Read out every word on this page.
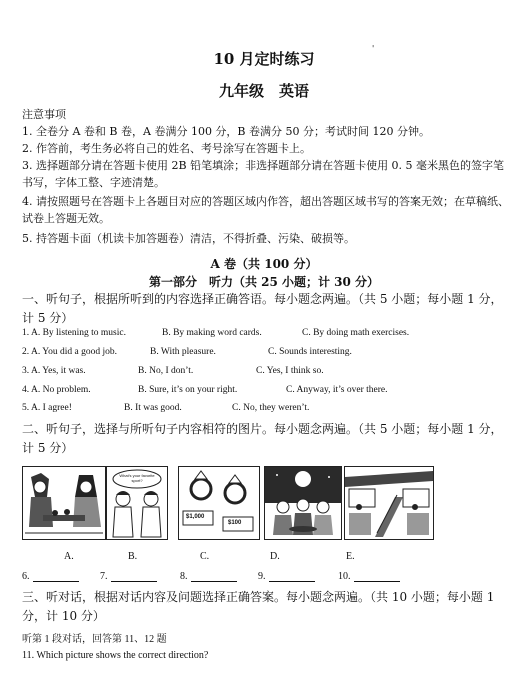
10 月定时练习
'
九年级　英语
注意事项
1. 全卷分 A 卷和 B 卷，A 卷满分 100 分，B 卷满分 50 分；考试时间 120 分钟。
2. 作答前，考生务必将自己的姓名、考号涂写在答题卡上。
3. 选择题部分请在答题卡使用 2B 铅笔填涂；非选择题部分请在答题卡使用 0. 5 毫米黑色的签字笔书写，字体工整、字迹清楚。
4. 请按照题号在答题卡上各题目对应的答题区域内作答，超出答题区域书写的答案无效；在草稿纸、试卷上答题无效。
5. 持答题卡面（机读卡加答题卷）清洁，不得折叠、污染、破损等。
A 卷（共 100 分）
第一部分　听力（共 25 小题；计 30 分）
一、听句子，根据所听到的内容选择正确答语。每小题念两遍。（共 5 小题；每小题 1 分，计 5 分）
1. A. By listening to music.	B. By making word cards.	C. By doing math exercises.
2. A. You did a good job.	B. With pleasure.	C. Sounds interesting.
3. A. Yes, it was.	B. No, I don’t.	C. Yes, I think so.
4. A. No problem.	B. Sure, it’s on your right.	C. Anyway, it’s over there.
5. A. I agree!	B. It was good.	C. No, they weren’t.
二、听句子，选择与所听句子内容相符的图片。每小题念两遍。（共 5 小题；每小题 1 分，计 5 分）
What's your favorite sport?
$1,000
$100
A.	B.	C.	D.	E.
6.	7.	8.	9.	10.
三、听对话，根据对话内容及问题选择正确答案。每小题念两遍。（共 10 小题；每小题 1 分，计 10 分）
听第 1 段对话，回答第 11、12 题
11. Which picture shows the correct direction?
